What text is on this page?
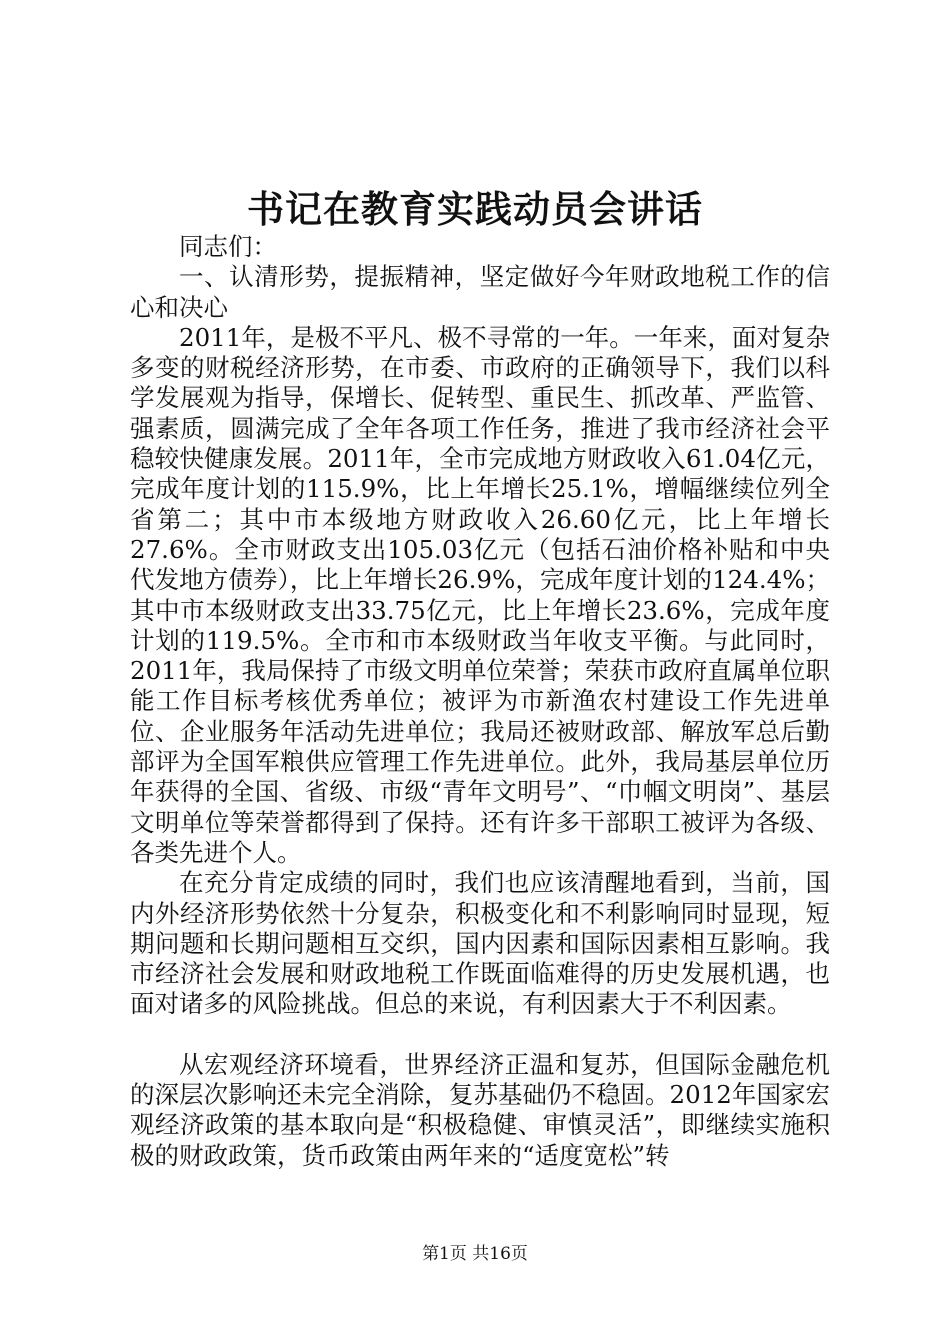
书记在教育实践动员会讲话

同志们：

一、认清形势，提振精神，坚定做好今年财政地税工作的信心和决心

2011年，是极不平凡、极不寻常的一年。一年来，面对复杂多变的财税经济形势，在市委、市政府的正确领导下，我们以科学发展观为指导，保增长、促转型、重民生、抓改革、严监管、强素质，圆满完成了全年各项工作任务，推进了我市经济社会平稳较快健康发展。2011年，全市完成地方财政收入61.04亿元，完成年度计划的115.9%，比上年增长25.1%，增幅继续位列全省第二；其中市本级地方财政收入26.60亿元，比上年增长27.6%。全市财政支出105.03亿元（包括石油价格补贴和中央代发地方债券），比上年增长26.9%，完成年度计划的124.4%；其中市本级财政支出33.75亿元，比上年增长23.6%，完成年度计划的119.5%。全市和市本级财政当年收支平衡。与此同时，2011年，我局保持了市级文明单位荣誉；荣获市政府直属单位职能工作目标考核优秀单位；被评为市新渔农村建设工作先进单位、企业服务年活动先进单位；我局还被财政部、解放军总后勤部评为全国军粮供应管理工作先进单位。此外，我局基层单位历年获得的全国、省级、市级“青年文明号”、“巾帼文明岗”、基层文明单位等荣誉都得到了保持。还有许多干部职工被评为各级、各类先进个人。

在充分肯定成绩的同时，我们也应该清醒地看到，当前，国内外经济形势依然十分复杂，积极变化和不利影响同时显现，短期问题和长期问题相互交织，国内因素和国际因素相互影响。我市经济社会发展和财政地税工作既面临难得的历史发展机遇，也面对诸多的风险挑战。但总的来说，有利因素大于不利因素。

从宏观经济环境看，世界经济正温和复苏，但国际金融危机的深层次影响还未完全消除，复苏基础仍不稳固。2012年国家宏观经济政策的基本取向是“积极稳健、审慎灵活”，即继续实施积极的财政政策，货币政策由两年来的“适度宽松”转

第1页 共16页
